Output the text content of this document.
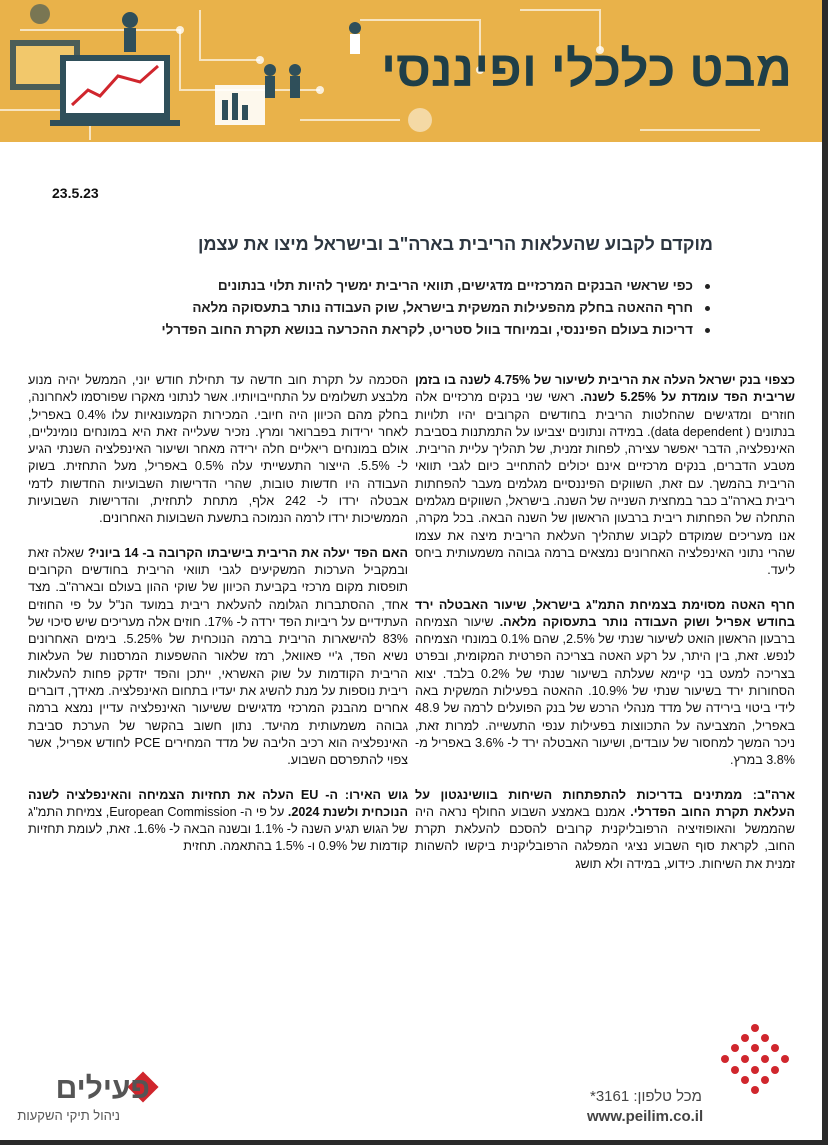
מבט כלכלי ופיננסי
23.5.23
מוקדם לקבוע שהעלאות הריבית בארה"ב ובישראל מיצו את עצמן
כפי שראשי הבנקים המרכזיים מדגישים, תוואי הריבית ימשיך להיות תלוי בנתונים
חרף ההאטה בחלק מהפעילות המשקית בישראל, שוק העבודה נותר בתעסוקה מלאה
דריכות בעולם הפיננסי, ובמיוחד בוול סטריט, לקראת ההכרעה בנושא תקרת החוב הפדרלי

כצפוי בנק ישראל העלה את הריבית לשיעור של 4.75% לשנה בו בזמן שריבית הפד עומדת על 5.25% לשנה. ראשי שני בנקים מרכזיים אלה חוזרים ומדגישים שהחלטות הריבית בחודשים הקרובים יהיו תלויות בנתונים ( data dependent). במידה ונתונים יצביעו על התמתנות בסביבת האינפלציה, הדבר יאפשר עצירה, לפחות זמנית, של תהליך עליית הריבית. מטבע הדברים, בנקים מרכזיים אינם יכולים להתחייב כיום לגבי תוואי הריבית בהמשך. עם זאת, השווקים הפיננסיים מגלמים מעבר להפחתות ריבית בארה"ב כבר במחצית השנייה של השנה. בישראל, השווקים מגלמים התחלה של הפחתות ריבית ברבעון הראשון של השנה הבאה. בכל מקרה, אנו מעריכים שמוקדם לקבוע שתהליך העלאת הריבית מיצה את עצמו שהרי נתוני האינפלציה האחרונים נמצאים ברמה גבוהה משמעותית ביחס ליעד.

חרף האטה מסוימת בצמיחת התמ"ג בישראל, שיעור האבטלה ירד בחודש אפריל ושוק העבודה נותר בתעסוקה מלאה. שיעור הצמיחה ברבעון הראשון הואט לשיעור שנתי של 2.5%, שהם 0.1% במונחי הצמיחה לנפש. זאת, בין היתר, על רקע האטה בצריכה הפרטית המקומית, ובפרט בצריכה למעט בני קיימא שעלתה בשיעור שנתי של 0.2% בלבד. יצוא הסחורות ירד בשיעור שנתי של 10.9%. ההאטה בפעילות המשקית באה לידי ביטוי בירידה של מדד מנהלי הרכש של בנק הפועלים לרמה של 48.9 באפריל, המצביעה על התכווצות בפעילות ענפי התעשייה. למרות זאת, ניכר המשך למחסור של עובדים, ושיעור האבטלה ירד ל- 3.6% באפריל מ- 3.8% במרץ.

ארה"ב: ממתינים בדריכות להתפתחות השיחות בוושינגטון על העלאת תקרת החוב הפדרלי. אמנם באמצע השבוע החולף נראה היה שהממשל והאופוזיציה הרפובליקנית קרובים להסכם להעלאת תקרת החוב, לקראת סוף השבוע נציגי המפלגה הרפובליקנית ביקשו להשהות זמנית את השיחות. כידוע, במידה ולא תושג

הסכמה על תקרת חוב חדשה עד תחילת חודש יוני, הממשל יהיה מנוע מלבצע תשלומים על התחייבויותיו. אשר לנתוני מאקרו שפורסמו לאחרונה, בחלק מהם הכיוון היה חיובי. המכירות הקמעונאיות עלו 0.4% באפריל, לאחר ירידות בפברואר ומרץ. נזכיר שעלייה זאת היא במונחים נומינליים, אולם במונחים ריאליים חלה ירידה מאחר ושיעור האינפלציה השנתי הגיע ל- 5.5%. הייצור התעשייתי עלה 0.5% באפריל, מעל התחזית. בשוק העבודה היו חדשות טובות, שהרי הדרישות השבועיות החדשות לדמי אבטלה ירדו ל- 242 אלף, מתחת לתחזית, והדרישות השבועיות הממשיכות ירדו לרמה הנמוכה בתשעת השבועות האחרונים.

האם הפד יעלה את הריבית בישיבתו הקרובה ב- 14 ביוני? שאלה זאת ובמקביל הערכות המשקיעים לגבי תוואי הריבית בחודשים הקרובים תופסות מקום מרכזי בקביעת הכיוון של שוקי ההון בעולם ובארה"ב. מצד אחד, ההסתברות הגלומה להעלאת ריבית במועד הנ"ל על פי החוזים העתידיים על ריביות הפד ירדה ל- 17%. חוזים אלה מעריכים שיש סיכוי של 83% להישארות הריבית ברמה הנוכחית של 5.25%. בימים האחרונים נשיא הפד, ג'יי פאוואל, רמז שלאור ההשפעות המרסנות של העלאות הריבית הקודמות על שוק האשראי, ייתכן והפד יזדקק פחות להעלאות ריבית נוספות על מנת להשיג את יעדיו בתחום האינפלציה. מאידך, דוברים אחרים מהבנק המרכזי מדגישים ששיעור האינפלציה עדיין נמצא ברמה גבוהה משמעותית מהיעד. נתון חשוב בהקשר של הערכת סביבת האינפלציה הוא רכיב הליבה של מדד המחירים PCE לחודש אפריל, אשר צפוי להתפרסם השבוע.

גוש האירו: ה- EU העלה את תחזיות הצמיחה והאינפלציה לשנה הנוכחית ולשנת 2024. על פי ה- European Commission, צמיחת התמ"ג של הגוש תגיע השנה ל- 1.1% ובשנה הבאה ל- 1.6%. זאת, לעומת תחזיות קודמות של 0.9% ו- 1.5% בהתאמה. תחזית

מכל טלפון: 3161*
www.peilim.co.il
פעילים
ניהול תיקי השקעות
